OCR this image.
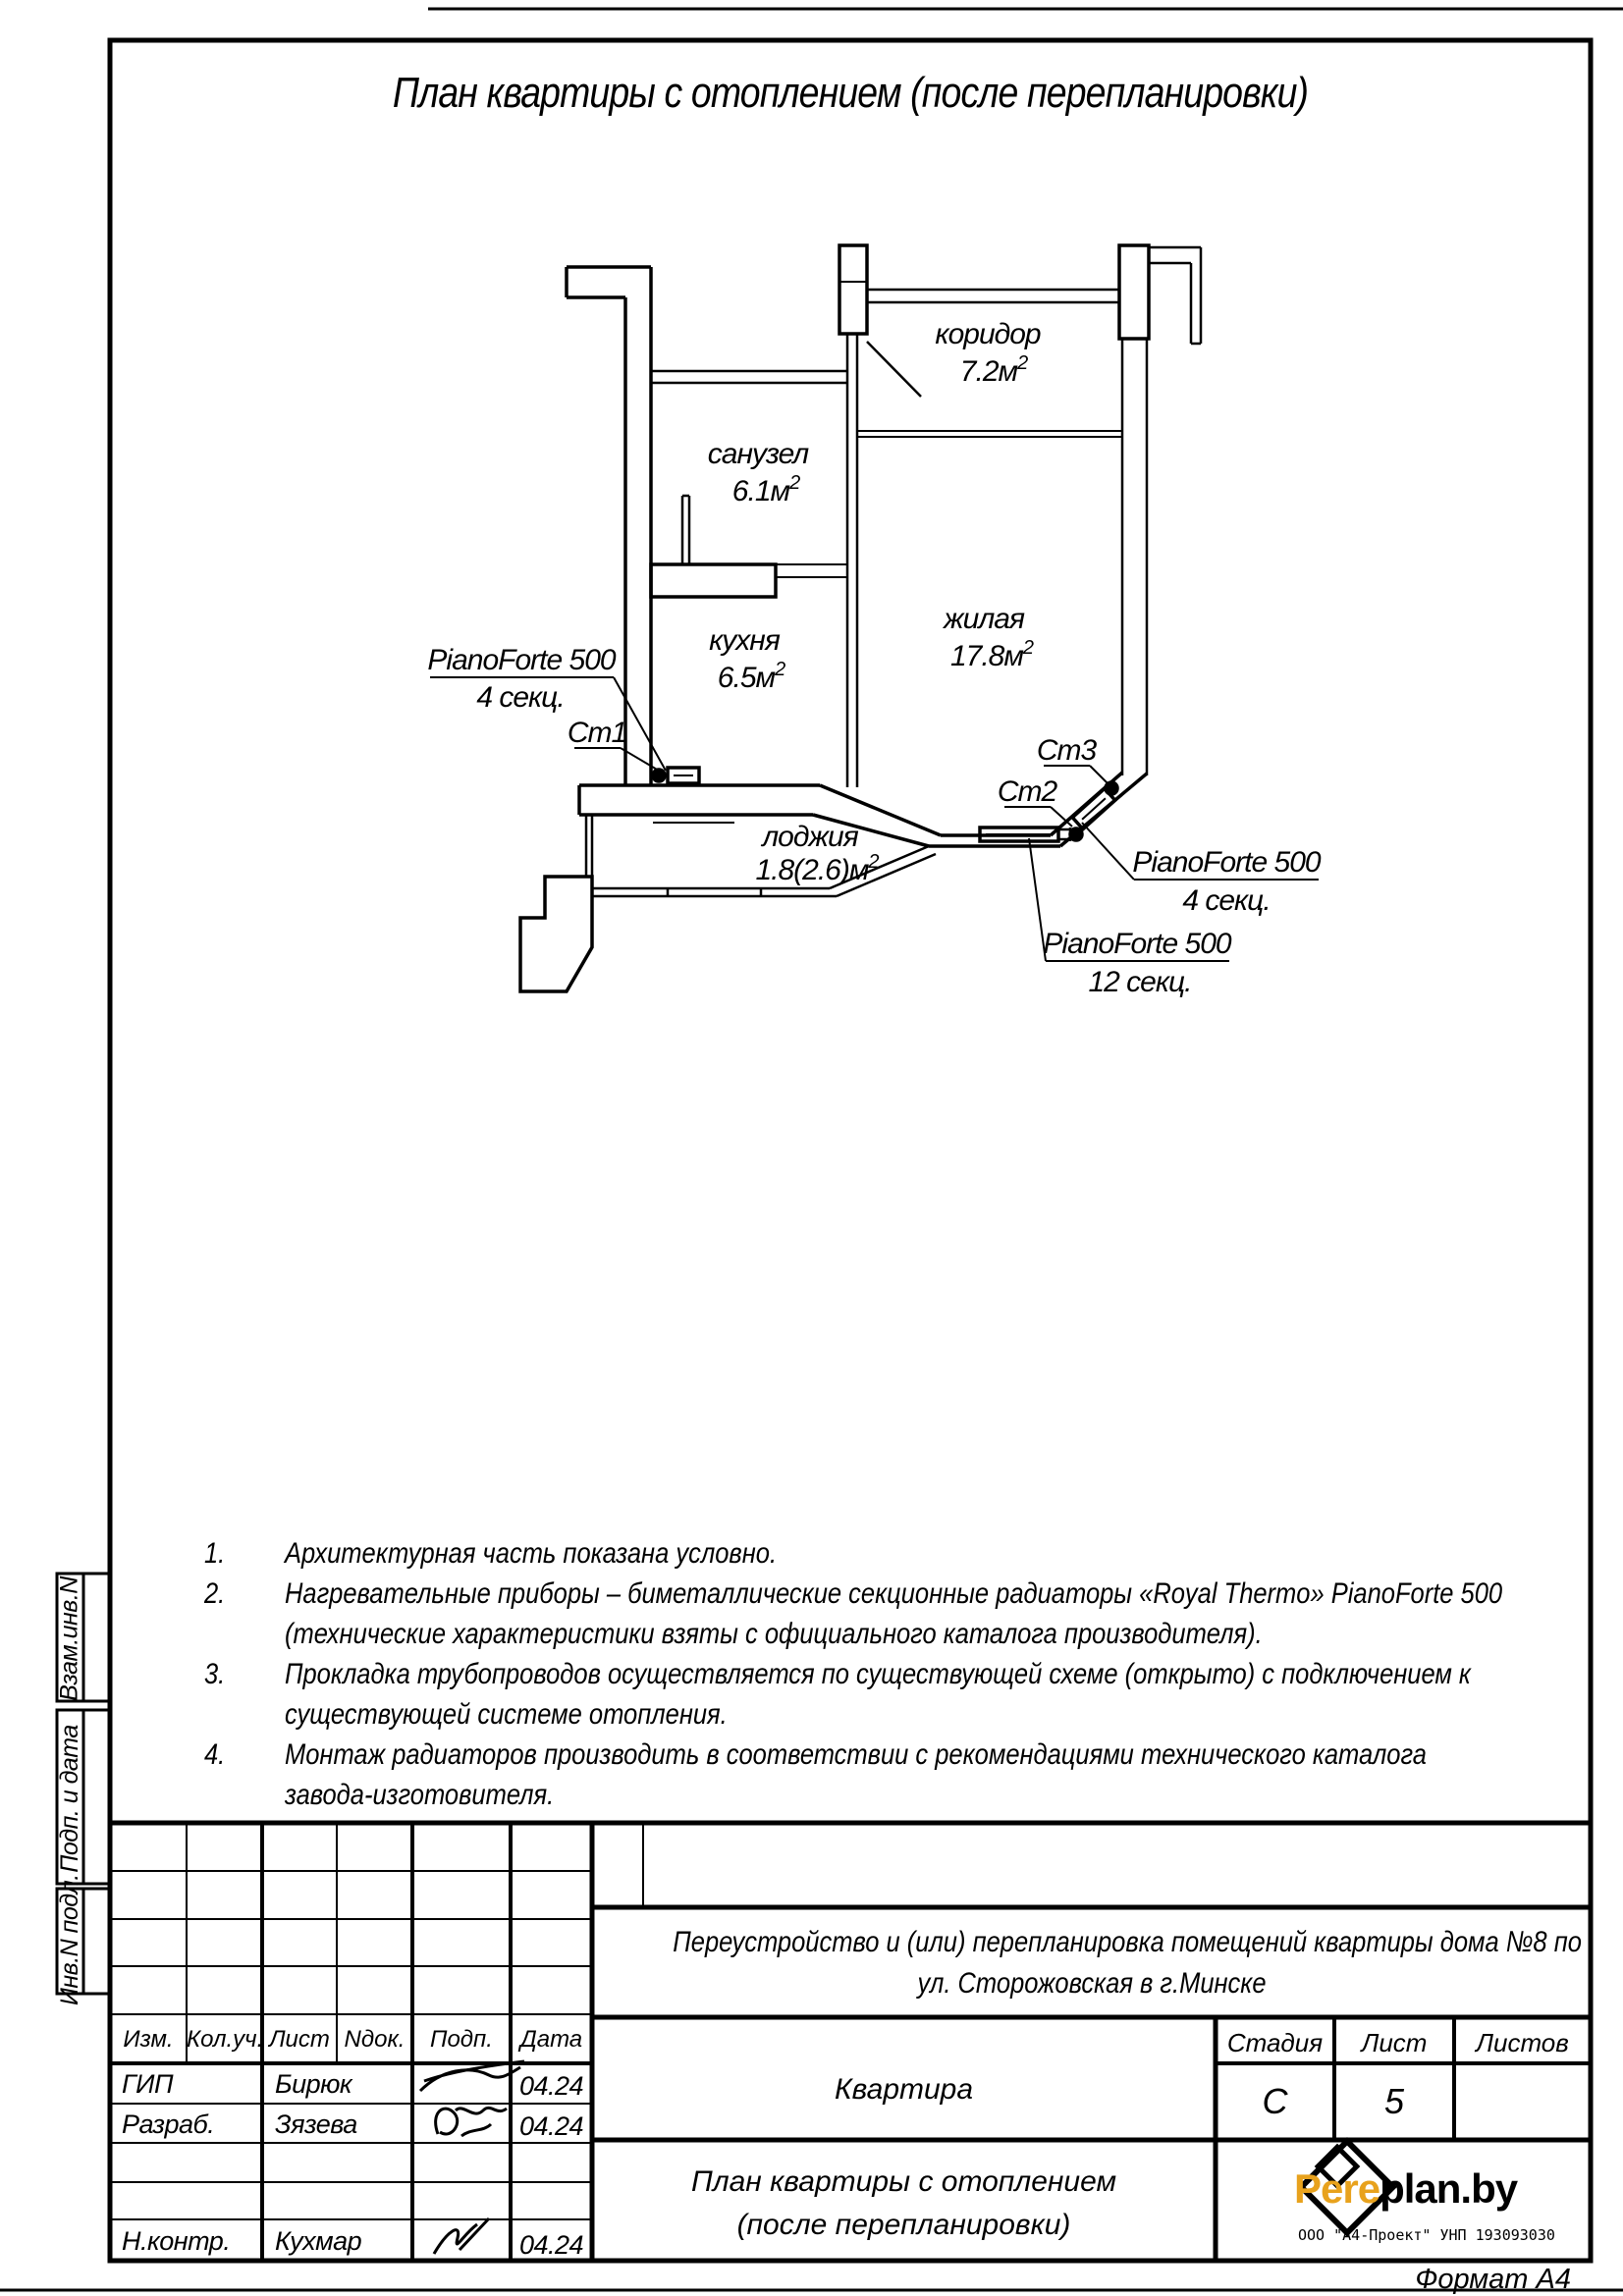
коридор
$7.2м^2$
санузел
$6.1м^2$
кухня
$6.5м^2$
жилая
$17.8м^2$
лоджия
$1.8(2.6)м^2$
PianoForte 500
4 секц.
Ст1
Ст2
Ст3
PianoForte 500
4 секц.
PianoForte 500
12 секц.
План квартиры с отоплением (после перепланировки)
1.	Архитектурная часть показана условно.
2.	Нагревательные приборы – биметаллические секционные радиаторы «Royal Thermo» PianoForte 500
(технические характеристики взяты с официального каталога производителя).
3.	Прокладка трубопроводов осуществляется по существующей схеме (открыто) с подключением к
существующей системе отопления.
4.	Монтаж радиаторов производить в соответствии с рекомендациями технического каталога
завода-изготовителя.
Взам.инв.N
Подп. и дата
Инв.N подл.
Изм. Кол.уч. Лист Nдок.	Подп.	Дата
ГИП	Бирюк	04.24
Разраб. Зязева	04.24
Н.контр. Кухмар	04.24
Переустройство и (или) перепланировка помещений квартиры дома №8 по
ул. Сторожовская в г.Минске
Квартира
Стадия	Лист	Листов
С	5
План квартиры с отоплением
(после перепланировки)
Pereplan.by
ООО "А4-Проект" УНП 193093030
Формат А4
